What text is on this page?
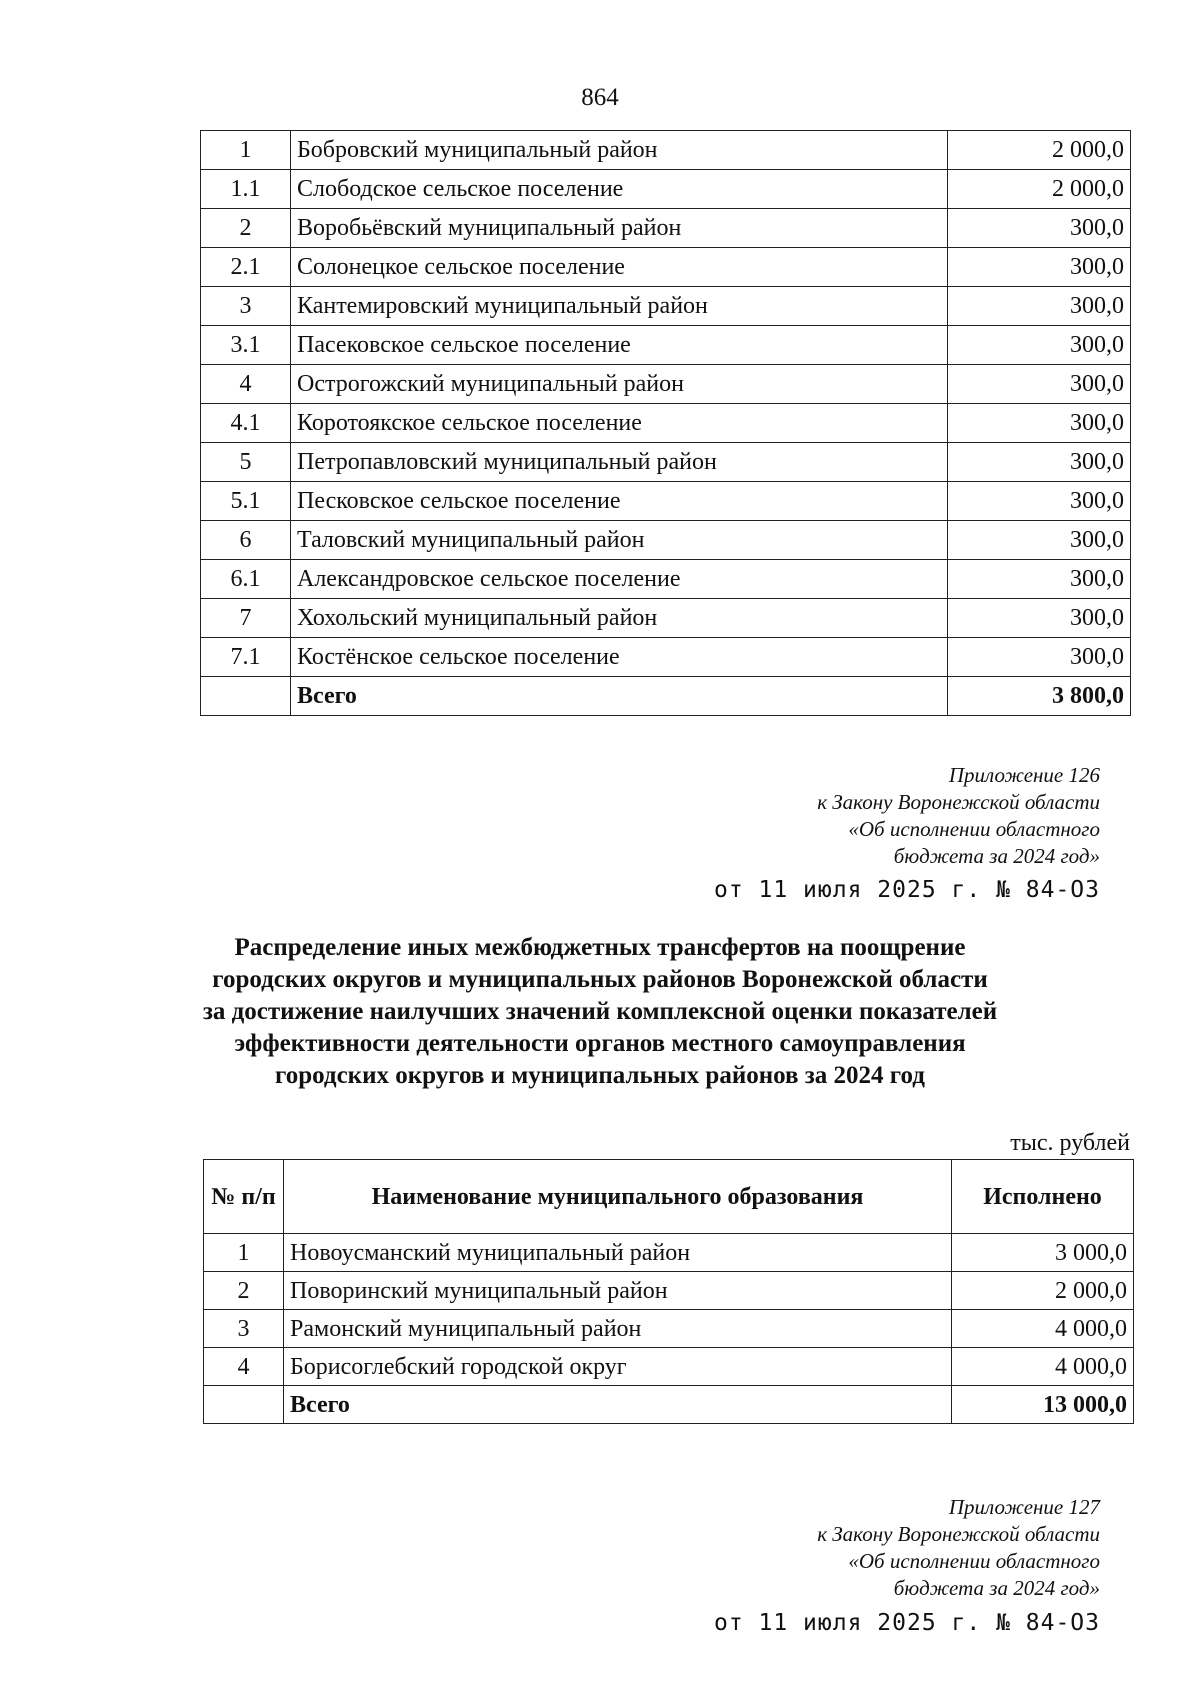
864
1	Бобровский муниципальный район	2 000,0
1.1	Слободское сельское поселение	2 000,0
2	Воробьёвский муниципальный район	300,0
2.1	Солонецкое сельское поселение	300,0
3	Кантемировский муниципальный район	300,0
3.1	Пасековское сельское поселение	300,0
4	Острогожский муниципальный район	300,0
4.1	Коротоякское сельское поселение	300,0
5	Петропавловский муниципальный район	300,0
5.1	Песковское сельское поселение	300,0
6	Таловский муниципальный район	300,0
6.1	Александровское сельское поселение	300,0
7	Хохольский муниципальный район	300,0
7.1	Костёнское сельское поселение	300,0
	Всего	3 800,0
Приложение 126
к Закону Воронежской области
«Об исполнении областного
бюджета за 2024 год»
от 11 июля 2025 г. № 84-ОЗ
Распределение иных межбюджетных трансфертов на поощрение
городских округов и муниципальных районов Воронежской области
за достижение наилучших значений комплексной оценки показателей
эффективности деятельности органов местного самоуправления
городских округов и муниципальных районов за 2024 год
тыс. рублей
№ п/п	Наименование муниципального образования	Исполнено
1	Новоусманский муниципальный район	3 000,0
2	Поворинский муниципальный район	2 000,0
3	Рамонский муниципальный район	4 000,0
4	Борисоглебский городской округ	4 000,0
	Всего	13 000,0
Приложение 127
к Закону Воронежской области
«Об исполнении областного
бюджета за 2024 год»
от 11 июля 2025 г. № 84-ОЗ
